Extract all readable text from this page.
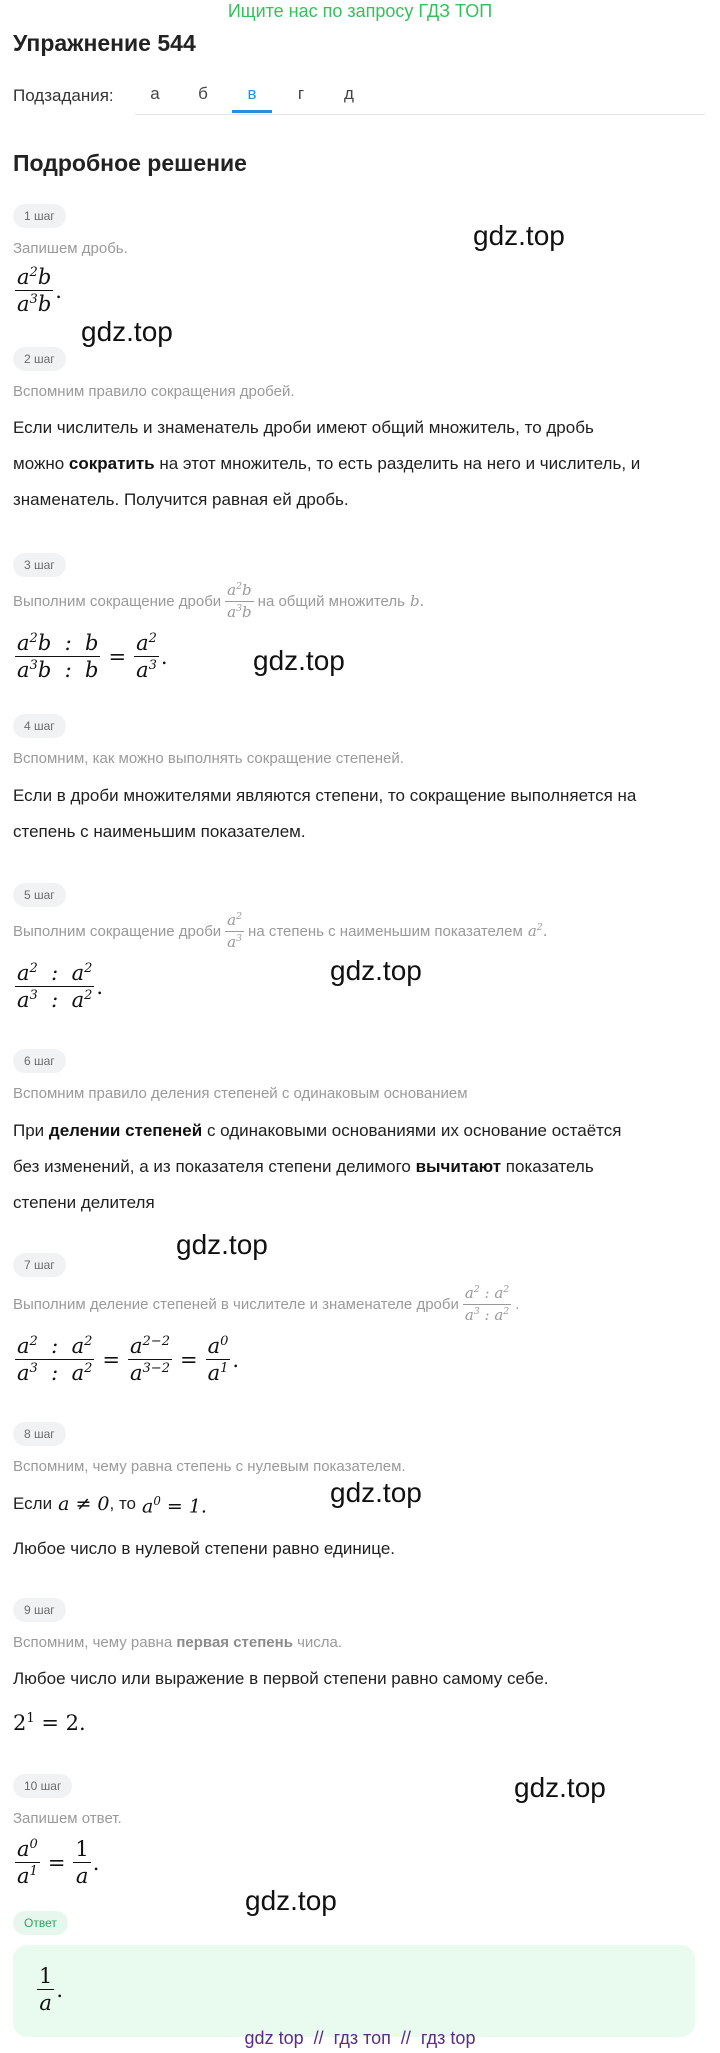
Ищите нас по запросу ГДЗ ТОП
Упражнение 544
Подзадания:	а	б	в	г	д
Подробное решение
1 шаг
Запишем дробь.
$\frac{a^2b}{a^3b}$ .
2 шаг
Вспомним правило сокращения дробей.
Если числитель и знаменатель дроби имеют общий множитель, то дробь
можно сократить на этот множитель, то есть разделить на него и числитель, и
знаменатель. Получится равная ей дробь.
3 шаг
Выполним сокращение дроби $\frac{a^2b}{a^3b}$ на общий множитель b.
$\frac{a^2b : b}{a^3b : b} = \frac{a^2}{a^3}$ .
4 шаг
Вспомним, как можно выполнять сокращение степеней.
Если в дроби множителями являются степени, то сокращение выполняется на
степень с наименьшим показателем.
5 шаг
Выполним сокращение дроби $\frac{a^2}{a^3}$ на степень с наименьшим показателем $a^2$.
$\frac{a^2 : a^2}{a^3 : a^2}$ .
6 шаг
Вспомним правило деления степеней с одинаковым основанием
При делении степеней с одинаковыми основаниями их основание остаётся
без изменений, а из показателя степени делимого вычитают показатель
степени делителя
7 шаг
Выполним деление степеней в числителе и знаменателе дроби $\frac{a^2 : a^2}{a^3 : a^2}$ .
$\frac{a^2 : a^2}{a^3 : a^2} = \frac{a^{2-2}}{a^{3-2}} = \frac{a^0}{a^1}$ .
8 шаг
Вспомним, чему равна степень с нулевым показателем.
Если a ≠ 0 , то $a^0 = 1$.
Любое число в нулевой степени равно единице.
9 шаг
Вспомним, чему равна первая степень числа.
Любое число или выражение в первой степени равно самому себе.
$2^1 = 2$.
10 шаг
Запишем ответ.
$\frac{a^0}{a^1} = \frac{1}{a}$ .
Ответ
$\frac{1}{a}$ .
gdz.top
gdz.top
gdz.top
gdz.top
gdz.top
gdz.top
gdz.top
gdz.top
gdz top  //  гдз топ  //  гдз top
